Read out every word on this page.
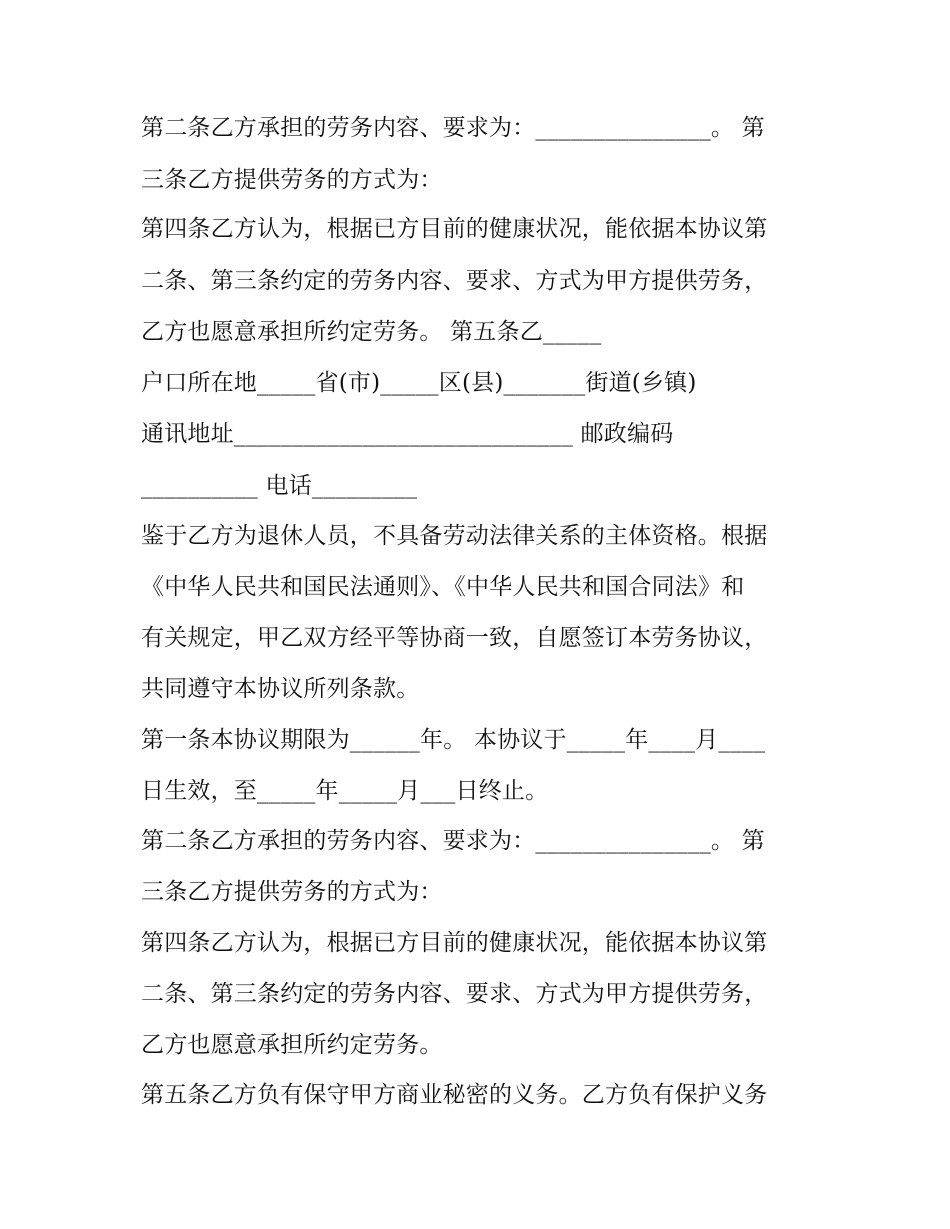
第二条乙方承担的劳务内容、要求为：_______________。 第
三条乙方提供劳务的方式为：
第四条乙方认为，根据已方目前的健康状况，能依据本协议第
二条、第三条约定的劳务内容、要求、方式为甲方提供劳务，
乙方也愿意承担所约定劳务。 第五条乙_____
户口所在地_____省(市)_____区(县)_______街道(乡镇)
通讯地址_____________________________ 邮政编码
__________ 电话_________
鉴于乙方为退休人员，不具备劳动法律关系的主体资格。根据
《中华人民共和国民法通则》、《中华人民共和国合同法》和
有关规定，甲乙双方经平等协商一致，自愿签订本劳务协议，
共同遵守本协议所列条款。
第一条本协议期限为______年。 本协议于_____年____月____
日生效，至_____年_____月___日终止。
第二条乙方承担的劳务内容、要求为：_______________。 第
三条乙方提供劳务的方式为：
第四条乙方认为，根据已方目前的健康状况，能依据本协议第
二条、第三条约定的劳务内容、要求、方式为甲方提供劳务，
乙方也愿意承担所约定劳务。
第五条乙方负有保守甲方商业秘密的义务。乙方负有保护义务
